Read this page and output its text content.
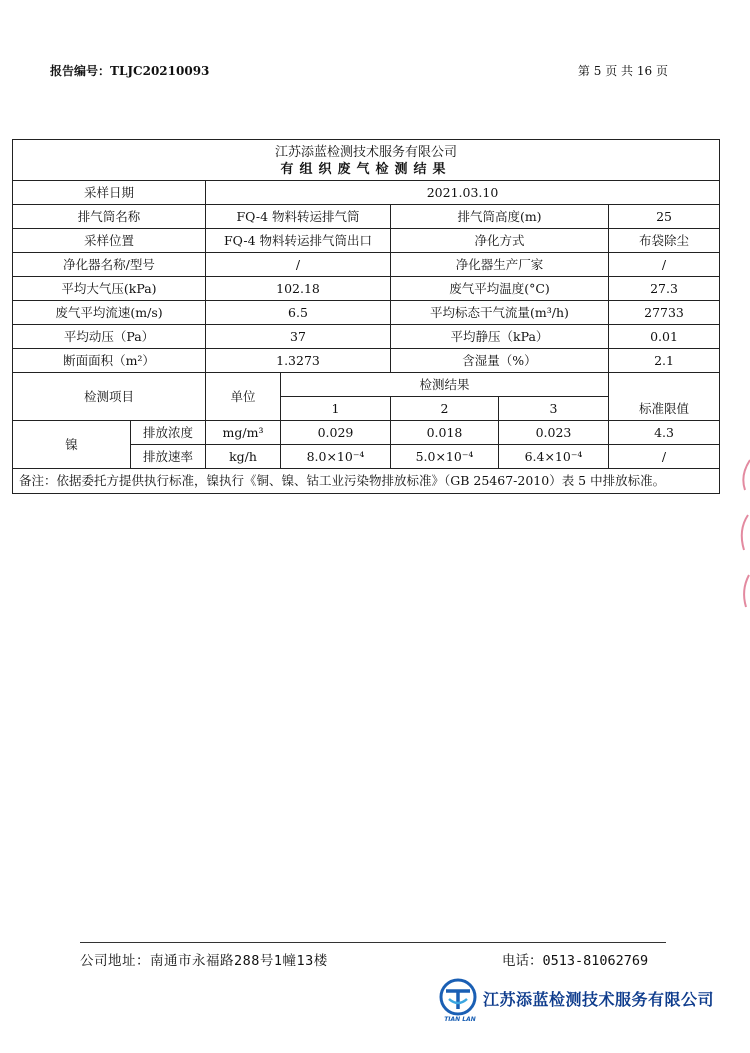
报告编号：TLJC20210093	第 5 页 共 16 页
江苏添蓝检测技术服务有限公司
有组织废气检测结果						

采样日期		2021.03.10				
排气筒名称		FQ-4 物料转运排气筒		排气筒高度(m)		25
采样位置		FQ-4 物料转运排气筒出口		净化方式		布袋除尘
净化器名称/型号		/		净化器生产厂家		/
平均大气压(kPa)		102.18		废气平均温度(°C)		27.3
废气平均流速(m/s)		6.5		平均标态干气流量(m³/h)		27733
平均动压（Pa）		37		平均静压（kPa）		0.01
断面面积（m²）		1.3273		含湿量（%）		2.1
检测项目		单位	检测结果			标准限值
			1	2	3	
镍	排放浓度	mg/m³	0.029	0.018	0.023	4.3
	排放速率	kg/h	8.0×10⁻⁴	5.0×10⁻⁴	6.4×10⁻⁴	/
备注：依据委托方提供执行标准，镍执行《铜、镍、钴工业污染物排放标准》（GB 25467-2010）表 5 中排放标准。						
公司地址：南通市永福路288号1幢13楼	电话：0513-81062769
TIAN LAN
江苏添蓝检测技术服务有限公司
